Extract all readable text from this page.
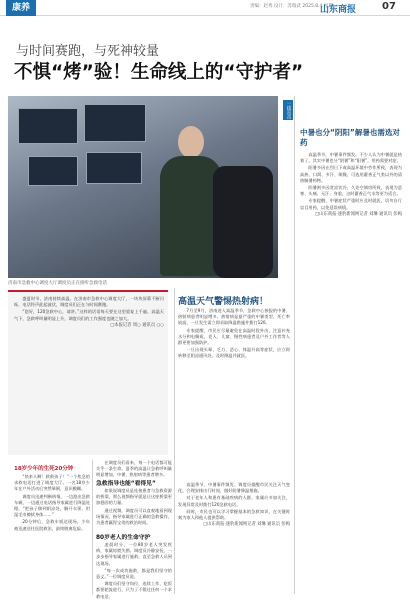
康养	责编：赵秀 设计：苏瑞武 2025.8.4 星期一
山东商报	07
与时间赛跑，与死神较量
不惧“烤”验！生命线上的“守护者”
济南市急救中心调度大厅调度员正在接听急救电话
一线直击
中暑也分“阴阳”解暑也需选对药

高温季节，中暑事件频发。不少人认为中暑就是热着了，其实中暑也分“阴暑”和“阳暑”，用药需要对症。

阳暑多因在烈日下或高温环境中劳作所致，表现为高热、口渴、多汗、烦躁，可选用藿香正气类以外的清热解暑药物。

阴暑则多因贪凉饮冷、久处空调房所致，表现为恶寒、头痛、无汗、身重，这时藿香正气水等更为适合。

专家提醒，中暑症状严重时应及时就医，切勿自行盲目用药，以免延误病情。

□山东商报·速豹新闻网记者 刘琳 通讯员 彭梅
18岁少年的生死20分钟

“快来人啊！救救孩子！”一个焦急的求救电话打进了调度大厅。一名18岁少年在户外活动后突然晕倒，意识模糊。

调度员迅速判断病情，一边派出急救车辆，一边通过电话指导家属进行降温处理。“把孩子移到阴凉处，解开衣领，用湿毛巾擦拭身体……”

20分钟后，急救车抵达现场，少年被迅速送往医院救治，最终脱离危险。

盛夏时节，济南持续高温。在济南市急救中心调度大厅，一块块屏幕不断闪烁，电话铃声此起彼伏，调度员们正在与时间赛跑。

“您好，120急救中心，请讲。”这样的话语每天要在这里重复上千遍。高温天气下，急救呼叫量明显上升，调度员们的工作强度也随之加大。

□本报记者 周○ 通讯员 ○○

在调度员们看来，每一个电话都可能关乎一条生命。夏季的高温让急救呼叫量明显增加，中暑、热射病等患者增多。

急救指导也能“看得见”

如果说调度员是连接患者与急救资源的桥梁，那么视频指导就是让这座桥梁更加稳固的力量。

通过视频，调度员可以直观地看到现场情况，指导家属进行正确的急救操作，为患者赢得宝贵的救治时间。

80岁老人的生命守护

凌晨时分，一位80岁老人突发疾病，家属惊慌失措。调度员冷静安抚，一步步指导家属进行施救，直至急救人员到达现场。

“每一次成功施救，都是我们坚守的意义。”一位调度员说。

调度员们坚守岗位，连续工作，吃饭都要轮流进行，只为了不错过任何一个求救电话。

高温天气警惕热射病！

7月至9月，济南进入高温季节，急救中心接报的中暑、热射病患者明显增多。热射病是最严重的中暑类型，死亡率较高，一旦发生需立即采取降温措施并拨打120。

专家提醒，市民应尽量避免在高温时段外出，注意补充水分和电解质，老人、儿童、慢性病患者及户外工作者等人群更要加强防护。

一旦出现头晕、乏力、恶心、体温升高等症状，应立即转移至阴凉通风处，及时降温并就医。

高温季节，中暑事件频发。调度员提醒市民关注天气变化，合理安排出行时间，做好防暑降温措施。

对于老年人和患有基础疾病的人群，家属应多加关注，发现异常及时拨打120急救电话。

同时，市民也可以学习掌握基本的急救知识，在关键时刻为家人和他人提供帮助。

□山东商报·速豹新闻网记者 刘琳 通讯员 彭梅
